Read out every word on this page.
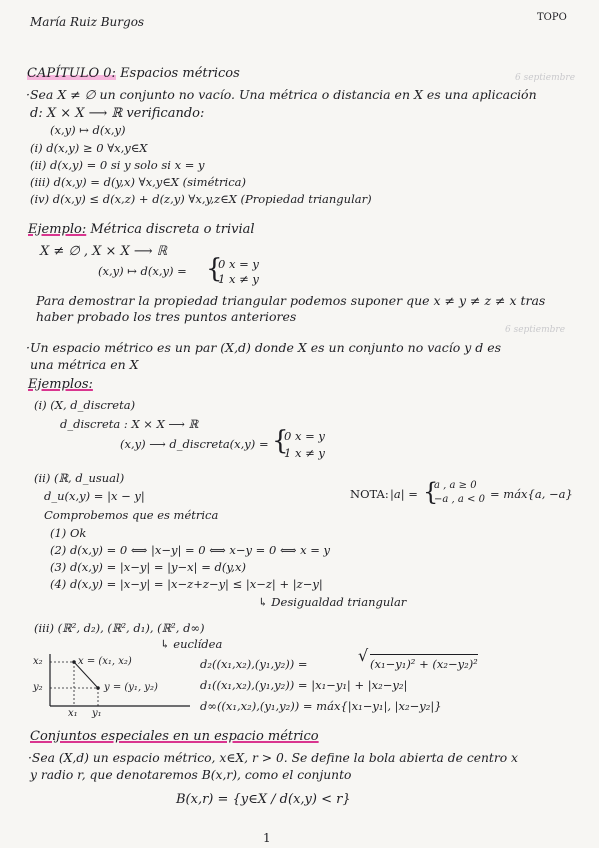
María Ruiz Burgos	TOPO
CAPÍTULO 0: Espacios métricos	6 septiembre
·Sea X ≠ ∅ un conjunto no vacío. Una métrica o distancia en X es una aplicación
d: X × X ⟶ ℝ verificando:
(x,y) ↦ d(x,y)
(i) d(x,y) ≥ 0 ∀x,y∈X
(ii) d(x,y) = 0 si y solo si x = y
(iii) d(x,y) = d(y,x) ∀x,y∈X (simétrica)
(iv) d(x,y) ≤ d(x,z) + d(z,y) ∀x,y,z∈X (Propiedad triangular)
Ejemplo: Métrica discreta o trivial
X ≠ ∅ , X × X ⟶ ℝ
(x,y) ↦ d(x,y) = {
0 x = y
1 x ≠ y
Para demostrar la propiedad triangular podemos suponer que x ≠ y ≠ z ≠ x tras
haber probado los tres puntos anteriores
6 septiembre
·Un espacio métrico es un par (X,d) donde X es un conjunto no vacío y d es
una métrica en X
Ejemplos:
(i) (X, d_discreta)
d_discreta : X × X ⟶ ℝ
(x,y) ⟶ d_discreta(x,y) = {
0 x = y
1 x ≠ y
(ii) (ℝ, d_usual)
d_u(x,y) = |x − y|	NOTA: |a| = {
a , a ≥ 0
−a , a < 0 = máx{a, −a}
Comprobemos que es métrica
(1) Ok
(2) d(x,y) = 0 ⟺ |x−y| = 0 ⟺ x−y = 0 ⟺ x = y
(3) d(x,y) = |x−y| = |y−x| = d(y,x)
(4) d(x,y) = |x−y| = |x−z+z−y| ≤ |x−z| + |z−y|
↳ Desigualdad triangular
(iii) (ℝ², d₂), (ℝ², d₁), (ℝ², d∞)
↳ euclídea
x₂
y₂
x₁ y₁
x = (x₁, x₂)
y = (y₁, y₂)
d₂((x₁,x₂),(y₁,y₂)) =	√ (x₁−y₁)² + (x₂−y₂)²
d₁((x₁,x₂),(y₁,y₂)) = |x₁−y₁| + |x₂−y₂|
d∞((x₁,x₂),(y₁,y₂)) = máx{|x₁−y₁|, |x₂−y₂|}
Conjuntos especiales en un espacio métrico
·Sea (X,d) un espacio métrico, x∈X, r > 0. Se define la bola abierta de centro x
y radio r, que denotaremos B(x,r), como el conjunto
B(x,r) = {y∈X / d(x,y) < r}
1
